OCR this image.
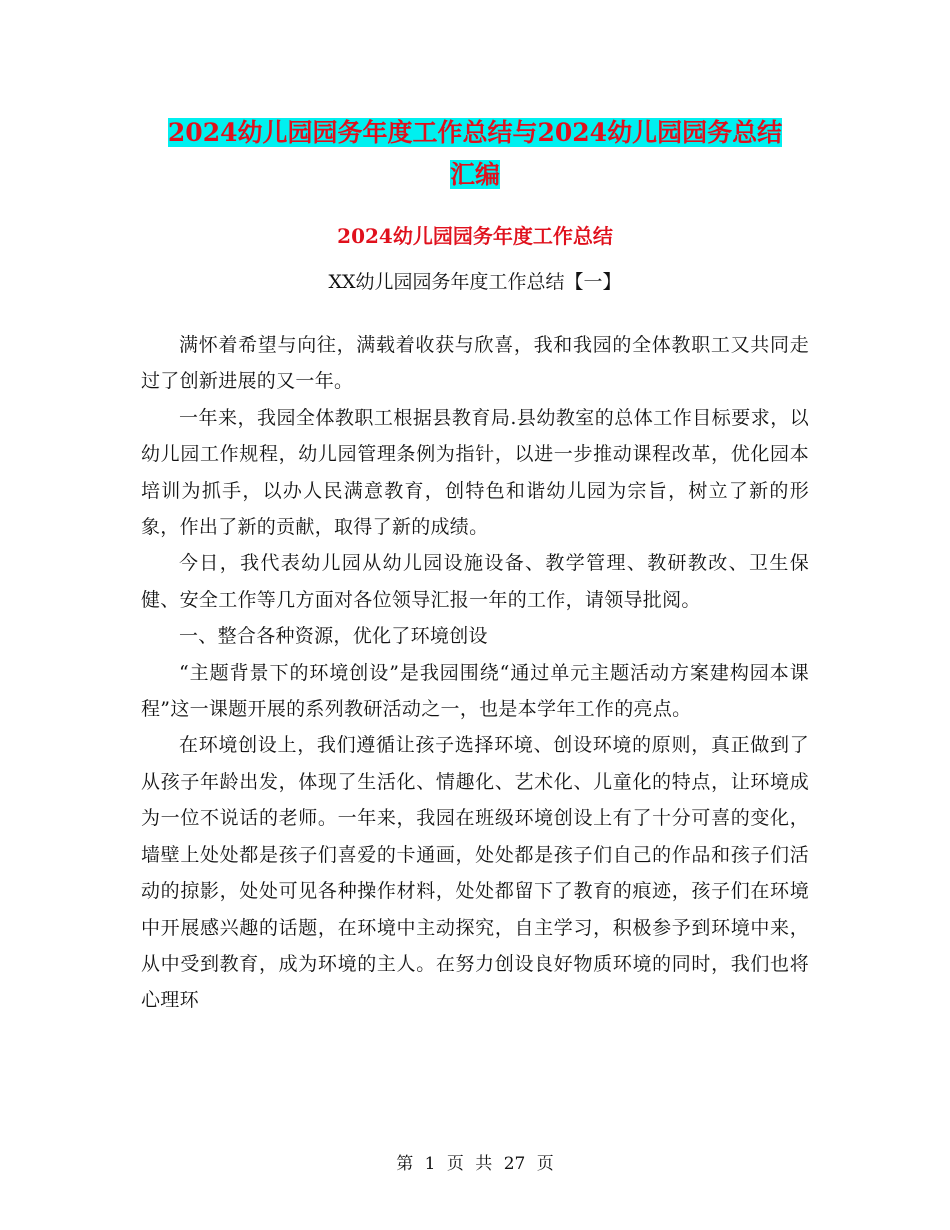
2024幼儿园园务年度工作总结与2024幼儿园园务总结
汇编
2024幼儿园园务年度工作总结
XX幼儿园园务年度工作总结【一】

满怀着希望与向往，满载着收获与欣喜，我和我园的全体教职工又共同走过了创新进展的又一年。

一年来，我园全体教职工根据县教育局.县幼教室的总体工作目标要求，以幼儿园工作规程，幼儿园管理条例为指针，以进一步推动课程改革，优化园本培训为抓手，以办人民满意教育，创特色和谐幼儿园为宗旨，树立了新的形象，作出了新的贡献，取得了新的成绩。

今日，我代表幼儿园从幼儿园设施设备、教学管理、教研教改、卫生保健、安全工作等几方面对各位领导汇报一年的工作，请领导批阅。

一、整合各种资源，优化了环境创设

“主题背景下的环境创设”是我园围绕“通过单元主题活动方案建构园本课程”这一课题开展的系列教研活动之一，也是本学年工作的亮点。

在环境创设上，我们遵循让孩子选择环境、创设环境的原则，真正做到了从孩子年龄出发，体现了生活化、情趣化、艺术化、儿童化的特点，让环境成为一位不说话的老师。一年来，我园在班级环境创设上有了十分可喜的变化，墙壁上处处都是孩子们喜爱的卡通画，处处都是孩子们自己的作品和孩子们活动的掠影，处处可见各种操作材料，处处都留下了教育的痕迹，孩子们在环境中开展感兴趣的话题，在环境中主动探究，自主学习，积极参予到环境中来，从中受到教育，成为环境的主人。在努力创设良好物质环境的同时，我们也将心理环

第 1 页 共 27 页
